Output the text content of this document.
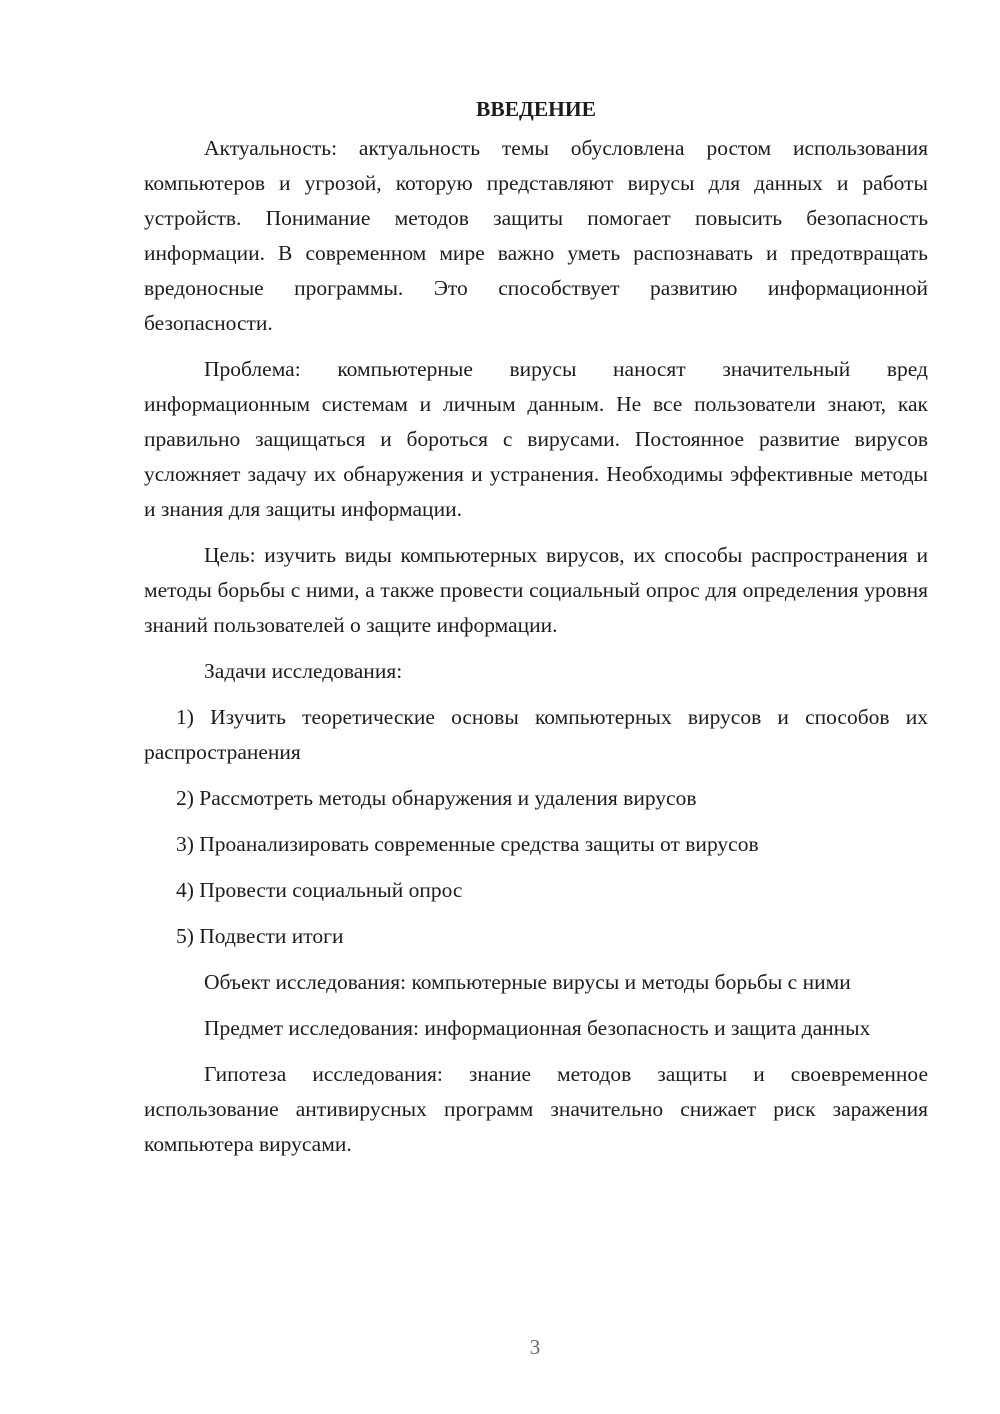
ВВЕДЕНИЕ

Актуальность: актуальность темы обусловлена ростом использования компьютеров и угрозой, которую представляют вирусы для данных и работы устройств. Понимание методов защиты помогает повысить безопасность информации. В современном мире важно уметь распознавать и предотвращать вредоносные программы. Это способствует развитию информационной безопасности.

Проблема: компьютерные вирусы наносят значительный вред информационным системам и личным данным. Не все пользователи знают, как правильно защищаться и бороться с вирусами. Постоянное развитие вирусов усложняет задачу их обнаружения и устранения. Необходимы эффективные методы и знания для защиты информации.

Цель: изучить виды компьютерных вирусов, их способы распространения и методы борьбы с ними, а также провести социальный опрос для определения уровня знаний пользователей о защите информации.

Задачи исследования:

1) Изучить теоретические основы компьютерных вирусов и способов их распространения
2) Рассмотреть методы обнаружения и удаления вирусов
3) Проанализировать современные средства защиты от вирусов
4) Провести социальный опрос
5) Подвести итоги

Объект исследования: компьютерные вирусы и методы борьбы с ними

Предмет исследования: информационная безопасность и защита данных

Гипотеза исследования: знание методов защиты и своевременное использование антивирусных программ значительно снижает риск заражения компьютера вирусами.

3
